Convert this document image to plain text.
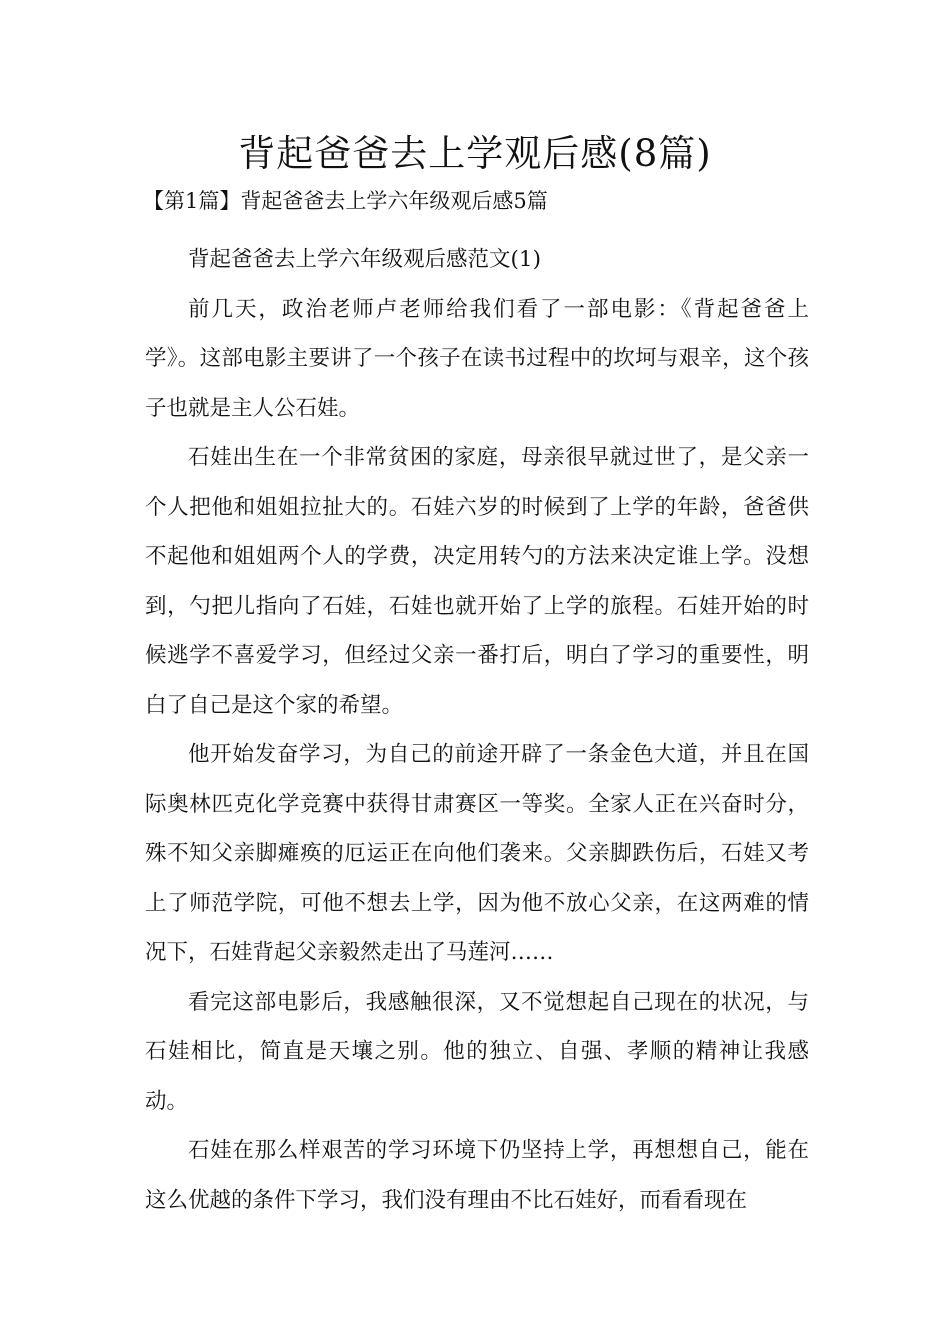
背起爸爸去上学观后感(8篇)
【第1篇】背起爸爸去上学六年级观后感5篇

背起爸爸去上学六年级观后感范文(1)

前几天，政治老师卢老师给我们看了一部电影：《背起爸爸上学》。这部电影主要讲了一个孩子在读书过程中的坎坷与艰辛，这个孩子也就是主人公石娃。

石娃出生在一个非常贫困的家庭，母亲很早就过世了，是父亲一个人把他和姐姐拉扯大的。石娃六岁的时候到了上学的年龄，爸爸供不起他和姐姐两个人的学费，决定用转勺的方法来决定谁上学。没想到，勺把儿指向了石娃，石娃也就开始了上学的旅程。石娃开始的时候逃学不喜爱学习，但经过父亲一番打后，明白了学习的重要性，明白了自己是这个家的希望。

他开始发奋学习，为自己的前途开辟了一条金色大道，并且在国际奥林匹克化学竞赛中获得甘肃赛区一等奖。全家人正在兴奋时分，殊不知父亲脚瘫痪的厄运正在向他们袭来。父亲脚跌伤后，石娃又考上了师范学院，可他不想去上学，因为他不放心父亲，在这两难的情况下，石娃背起父亲毅然走出了马莲河……

看完这部电影后，我感触很深，又不觉想起自己现在的状况，与石娃相比，简直是天壤之别。他的独立、自强、孝顺的精神让我感动。

石娃在那么样艰苦的学习环境下仍坚持上学，再想想自己，能在这么优越的条件下学习，我们没有理由不比石娃好，而看看现在
